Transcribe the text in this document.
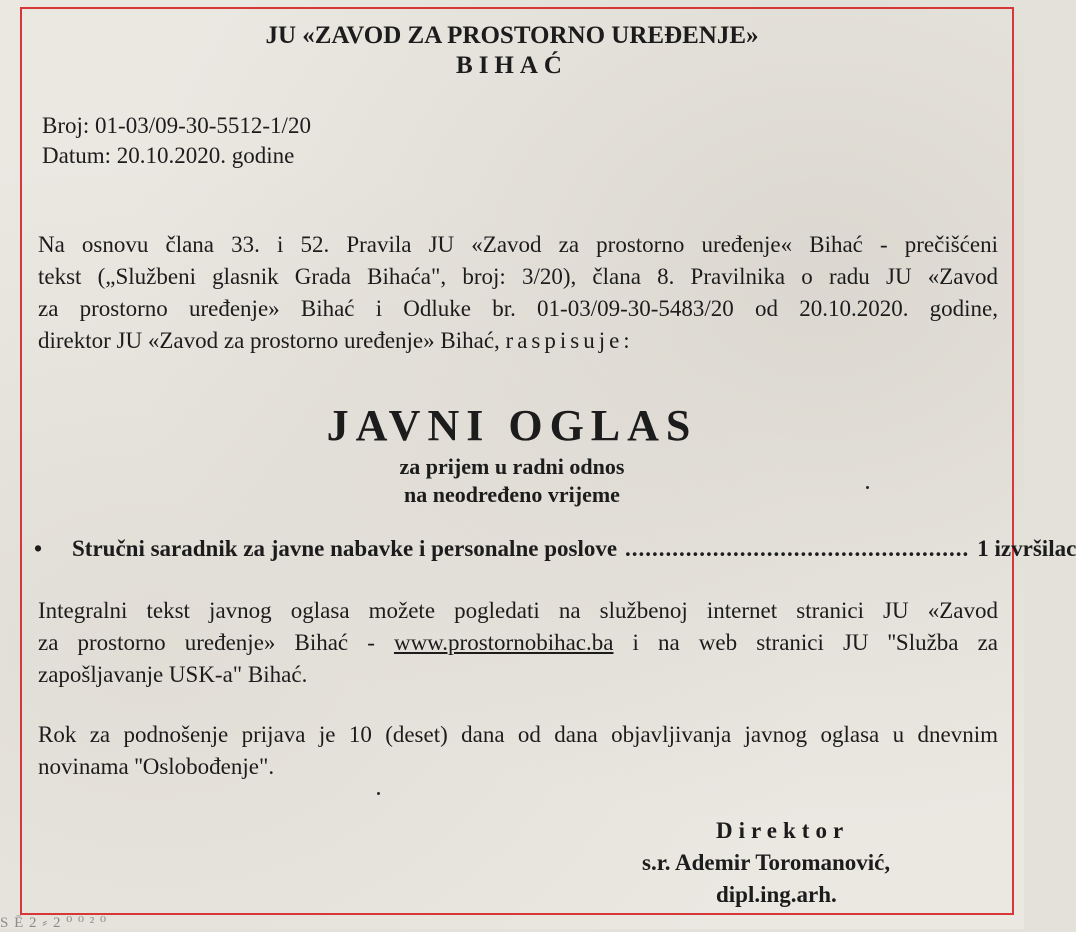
S Ē 2 ⸗ 2 ⁰ ⁰ ² ⁰
JU «ZAVOD ZA PROSTORNO UREĐENJE»
BIHAĆ
Broj: 01-03/09-30-5512-1/20
Datum: 20.10.2020. godine
Na osnovu člana 33. i 52. Pravila JU «Zavod za prostorno uređenje« Bihać - prečišćeni
tekst („Službeni glasnik Grada Bihaća", broj: 3/20), člana 8. Pravilnika o radu JU «Zavod
za prostorno uređenje» Bihać i Odluke br. 01-03/09-30-5483/20 od 20.10.2020. godine,
direktor JU «Zavod za prostorno uređenje» Bihać, raspisuje:
JAVNI OGLAS
za prijem u radni odnos
na neodređeno vrijeme
•	Stručni saradnik za javne nabavke i personalne poslove ................................................... 1 izvršilac
Integralni tekst javnog oglasa možete pogledati na službenoj internet stranici JU «Zavod
za prostorno uređenje» Bihać - www.prostornobihac.ba i na web stranici JU ''Služba za
zapošljavanje USK-a" Bihać.
Rok za podnošenje prijava je 10 (deset) dana od dana objavljivanja javnog oglasa u dnevnim
novinama ''Oslobođenje".
Direktor
s.r. Ademir Toromanović,
dipl.ing.arh.
